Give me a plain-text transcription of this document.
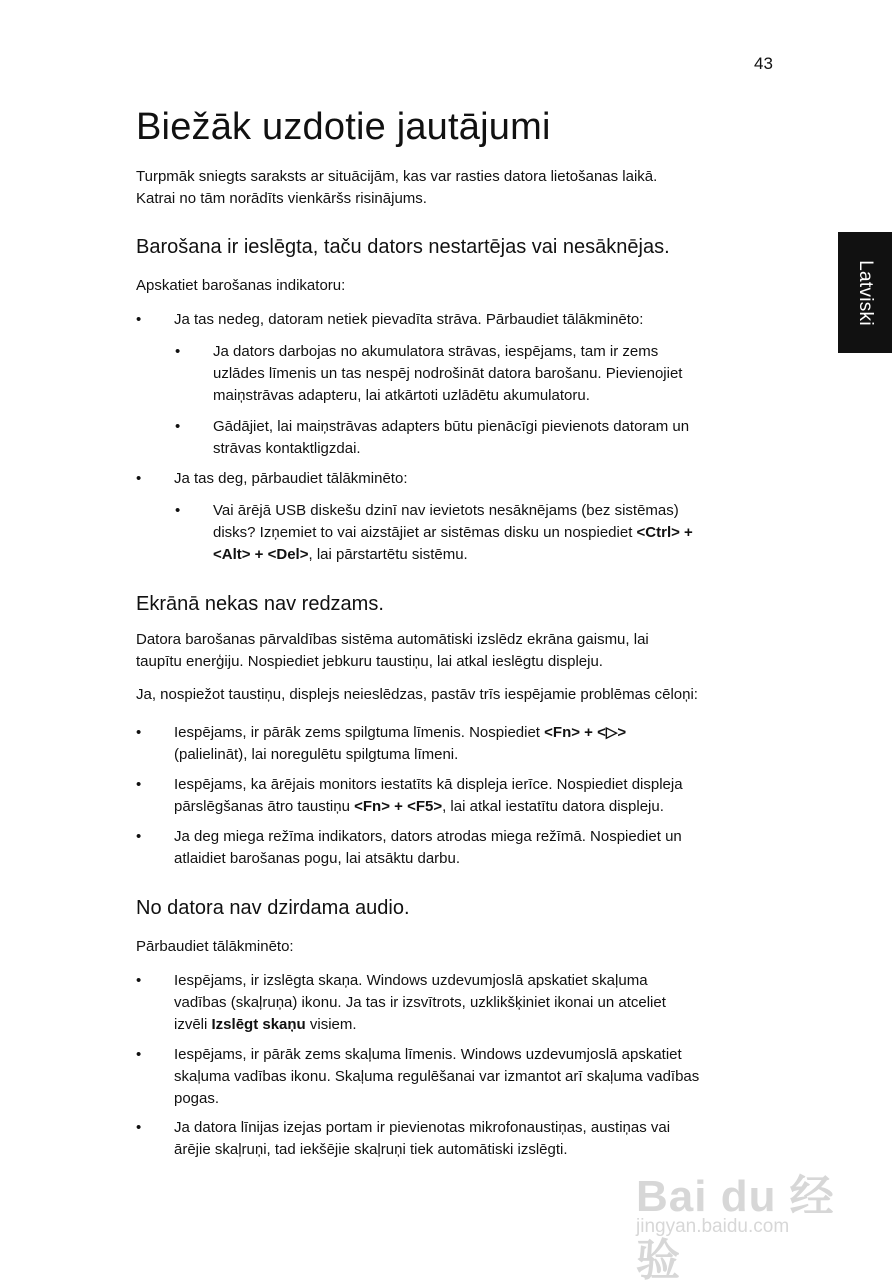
43
Biežāk uzdotie jautājumi
Latviski

Turpmāk sniegts saraksts ar situācijām, kas var rasties datora lietošanas laikā.
Katrai no tām norādīts vienkāršs risinājums.

Barošana ir ieslēgta, taču dators nestartējas vai nesāknējas.

Apskatiet barošanas indikatoru:

• Ja tas nedeg, datoram netiek pievadīta strāva. Pārbaudiet tālākminēto:

• Ja dators darbojas no akumulatora strāvas, iespējams, tam ir zems
uzlādes līmenis un tas nespēj nodrošināt datora barošanu. Pievienojiet
maiņstrāvas adapteru, lai atkārtoti uzlādētu akumulatoru.

• Gādājiet, lai maiņstrāvas adapters būtu pienācīgi pievienots datoram un
strāvas kontaktligzdai.

• Ja tas deg, pārbaudiet tālākminēto:

• Vai ārējā USB diskešu dzinī nav ievietots nesāknējams (bez sistēmas)
disks? Izņemiet to vai aizstājiet ar sistēmas disku un nospiediet <Ctrl> +
<Alt> + <Del>, lai pārstartētu sistēmu.

Ekrānā nekas nav redzams.

Datora barošanas pārvaldības sistēma automātiski izslēdz ekrāna gaismu, lai
taupītu enerģiju. Nospiediet jebkuru taustiņu, lai atkal ieslēgtu displeju.

Ja, nospiežot taustiņu, displejs neieslēdzas, pastāv trīs iespējamie problēmas cēloņi:

• Iespējams, ir pārāk zems spilgtuma līmenis. Nospiediet <Fn> + <▷>
(palielināt), lai noregulētu spilgtuma līmeni.

• Iespējams, ka ārējais monitors iestatīts kā displeja ierīce. Nospiediet displeja
pārslēgšanas ātro taustiņu <Fn> + <F5>, lai atkal iestatītu datora displeju.

• Ja deg miega režīma indikators, dators atrodas miega režīmā. Nospiediet un
atlaidiet barošanas pogu, lai atsāktu darbu.

No datora nav dzirdama audio.

Pārbaudiet tālākminēto:

• Iespējams, ir izslēgta skaņa. Windows uzdevumjoslā apskatiet skaļuma
vadības (skaļruņa) ikonu. Ja tas ir izsvītrots, uzklikšķiniet ikonai un atceliet
izvēli Izslēgt skaņu visiem.

• Iespējams, ir pārāk zems skaļuma līmenis. Windows uzdevumjoslā apskatiet
skaļuma vadības ikonu. Skaļuma regulēšanai var izmantot arī skaļuma vadības
pogas.

• Ja datora līnijas izejas portam ir pievienotas mikrofonaustiņas, austiņas vai
ārējie skaļruņi, tad iekšējie skaļruņi tiek automātiski izslēgti.

Bai du 经验
jingyan.baidu.com
